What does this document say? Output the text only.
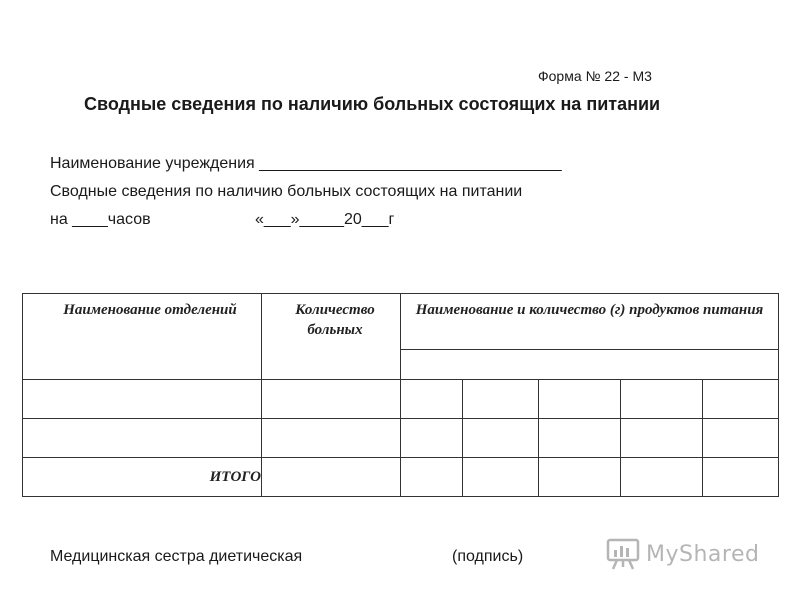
Форма № 22 - М3
Сводные сведения по наличию больных состоящих на питании
Наименование учреждения __________________________________
Сводные сведения по наличию больных состоящих на питании
на ____часов	«___»_____20___г
Наименование отделений	Количество больных	Наименование и количество (г) продуктов питания				

ИТОГО						
Медицинская сестра диетическая	(подпись)	MyShared
